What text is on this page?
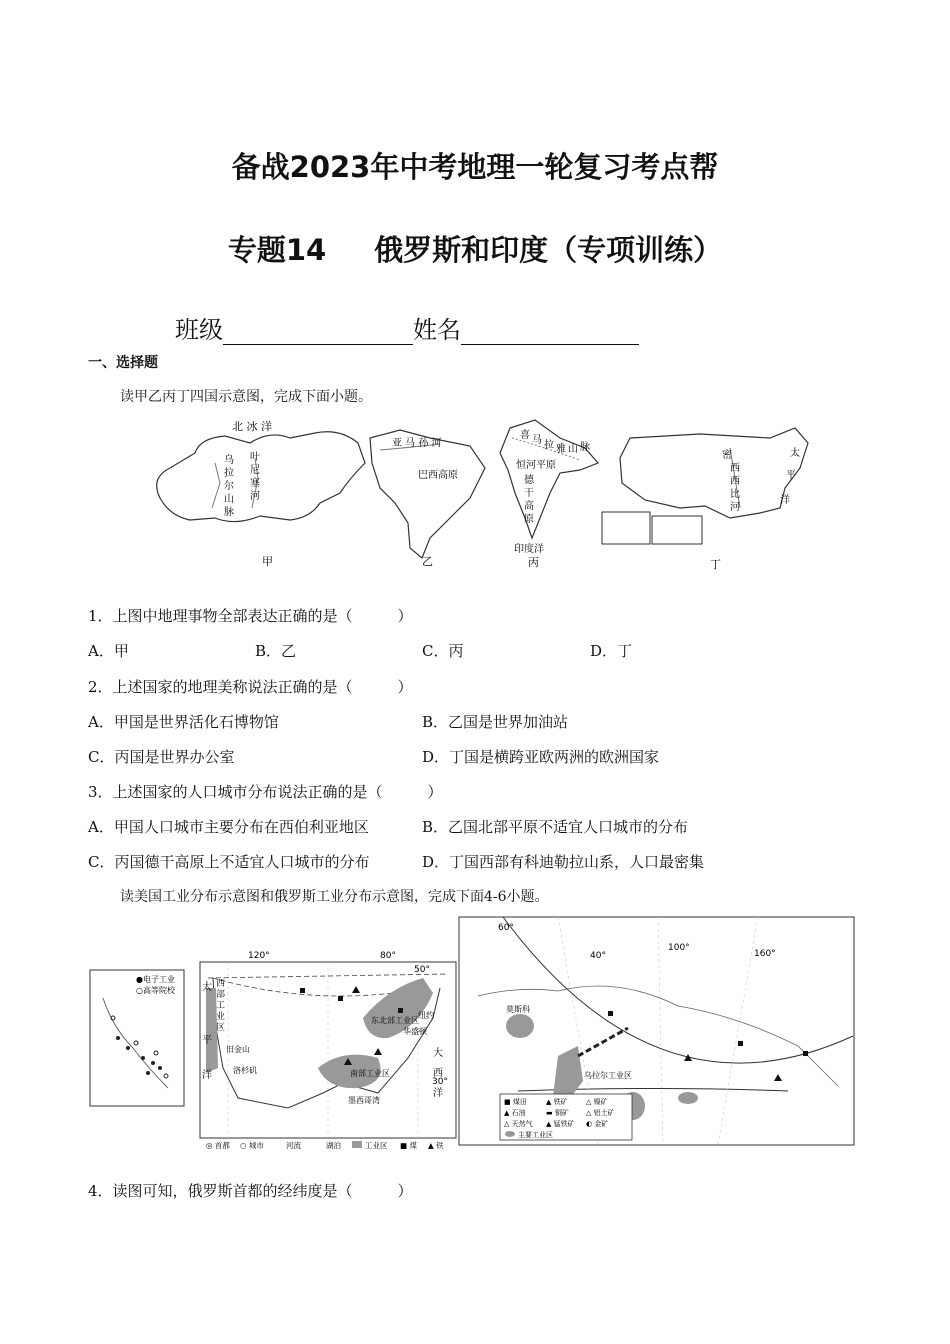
备战2023年中考地理一轮复习考点帮
专题14 俄罗斯和印度（专项训练）
班级	姓名
一、选择题
读甲乙丙丁四国示意图，完成下面小题。
北 冰 洋
乌
拉
尔
山
脉
叶
尼
塞
河
甲
亚 马 孙 河
巴西高原
乙
喜 马 拉 雅 山 脉
恒河平原
德
干
高
原
印度洋
丙
密
西
西
比
河
太
平
洋
丁
1．上图中地理事物全部表达正确的是（　　　）
A．甲	B．乙	C．丙	D．丁
2．上述国家的地理美称说法正确的是（　　　）
A．甲国是世界活化石博物馆	B．乙国是世界加油站
C．丙国是世界办公室	D．丁国是横跨亚欧两洲的欧洲国家
3．上述国家的人口城市分布说法正确的是（　　　）
A．甲国人口城市主要分布在西伯利亚地区	B．乙国北部平原不适宜人口城市的分布
C．丙国德干高原上不适宜人口城市的分布	D．丁国西部有科迪勒拉山系，人口最密集
读美国工业分布示意图和俄罗斯工业分布示意图，完成下面4-6小题。
●电子工业
○高等院校
120°	80°
50°
太
平
洋
西
部
工
业
区
旧金山
洛杉矶
东北部工业区
纽约
华盛顿
南部工业区
墨西哥湾
大
西
洋
30°
◎ 首都 ○ 城市	河流	湖泊	工业区 ■ 煤 ▲ 铁
60°
40°
100°
160°
莫斯科
乌拉尔工业区
■ 煤田	▲ 铁矿	△ 镍矿
▲ 石油	▬ 铜矿 △ 铝土矿
△ 天然气 ▲ 锰铁矿 ◐ 金矿
主要工业区
4．读图可知，俄罗斯首都的经纬度是（　　　）
